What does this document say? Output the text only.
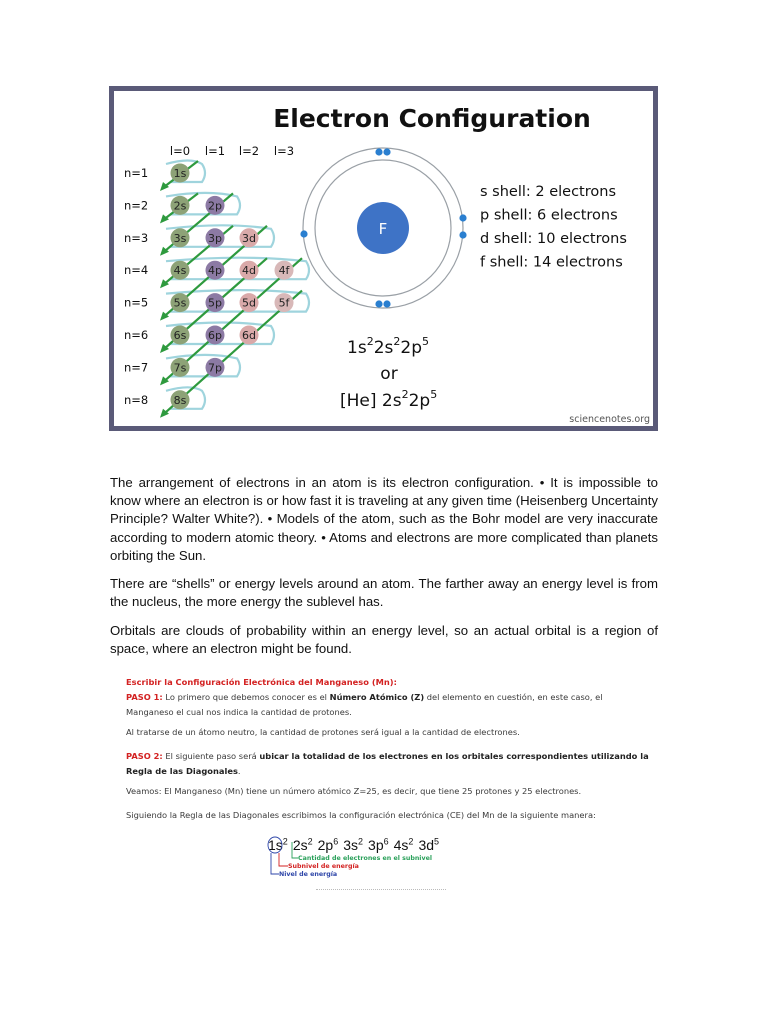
Electron Configuration
l=0 l=1 l=2 l=3
n=1
n=2
n=3
n=4
n=5
n=6
n=7
n=8
1s
2s 2p
3s 3p 3d
4s 4p 4d 4f
5s 5p 5d 5f
6s 6p 6d
7s 7p
8s
F
s shell: 2 electrons
p shell: 6 electrons
d shell: 10 electrons
f shell: 14 electrons
$1s^22s^22p^5$
or
[He] $2s^22p^5$
sciencenotes.org

The arrangement of electrons in an atom is its electron configuration. • It is impossible to know where an electron is or how fast it is traveling at any given time (Heisenberg Uncertainty Principle? Walter White?). • Models of the atom, such as the Bohr model are very inaccurate according to modern atomic theory. • Atoms and electrons are more complicated than planets orbiting the Sun.

There are “shells” or energy levels around an atom. The farther away an energy level is from the nucleus, the more energy the sublevel has.

Orbitals are clouds of probability within an energy level, so an actual orbital is a region of space, where an electron might be found.

Escribir la Configuración Electrónica del Manganeso (Mn):
PASO 1: Lo primero que debemos conocer es el Número Atómico (Z) del elemento en cuestión, en este caso, el
Manganeso el cual nos indica la cantidad de protones.
Al tratarse de un átomo neutro, la cantidad de protones será igual a la cantidad de electrones.
PASO 2: El siguiente paso será ubicar la totalidad de los electrones en los orbitales correspondientes utilizando la
Regla de las Diagonales.
Veamos: El Manganeso (Mn) tiene un número atómico Z=25, es decir, que tiene 25 protones y 25 electrones.
Siguiendo la Regla de las Diagonales escribimos la configuración electrónica (CE) del Mn de la siguiente manera:
$1s^2$ $2s^2$ $2p^6$ $3s^2$ $3p^6$ $4s^2$ $3d^5$
Cantidad de electrones en el subnivel
Subnivel de energía
Nivel de energía
